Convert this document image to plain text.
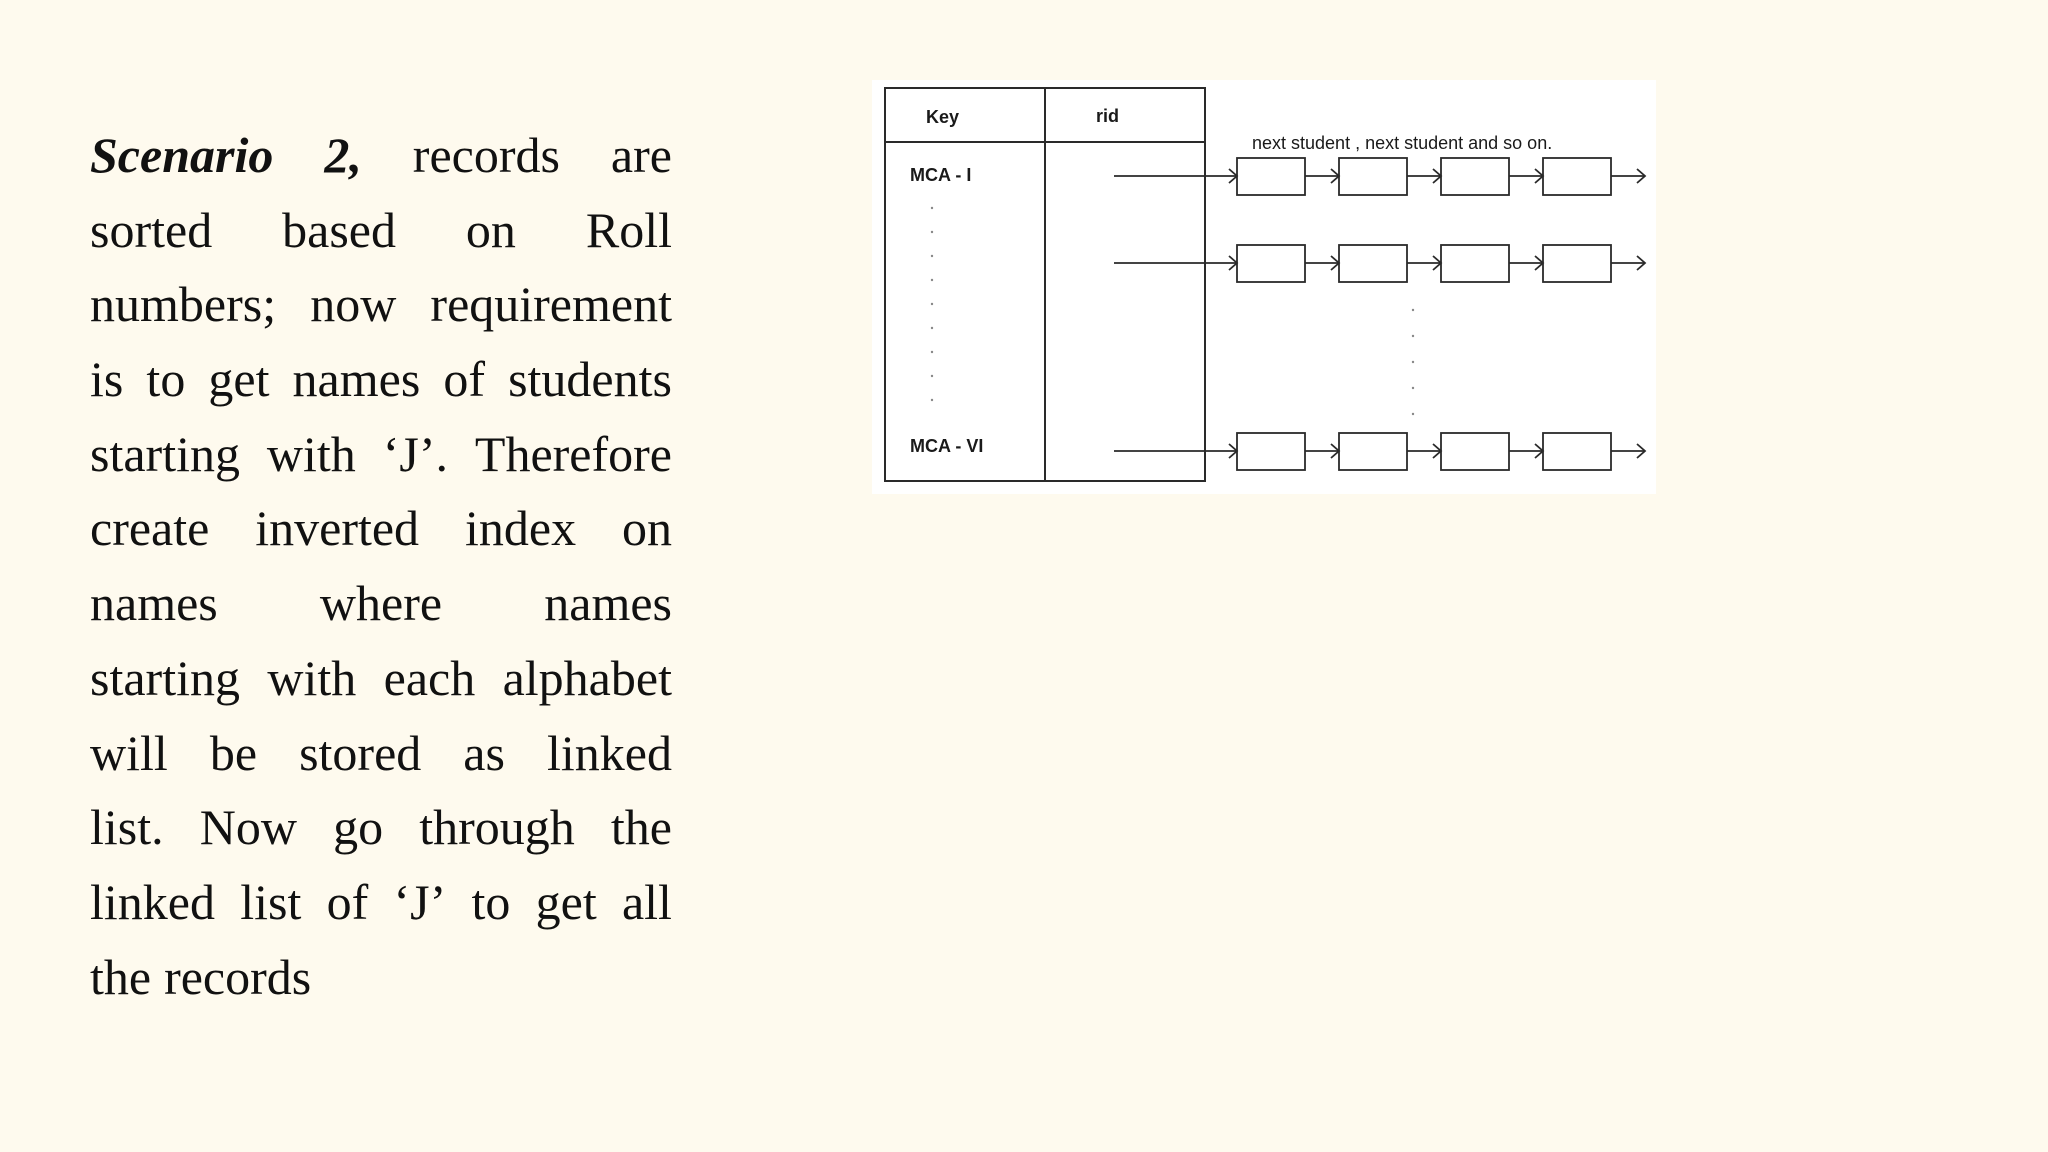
Scenario 2, records are
sorted based on Roll
numbers; now requirement
is to get names of students
starting with ‘J’. Therefore
create inverted index on
names where names
starting with each alphabet
will be stored as linked
list. Now go through the
linked list of ‘J’ to get all
the records
Key	rid
MCA - I
MCA - VI
next student , next student and so on.
